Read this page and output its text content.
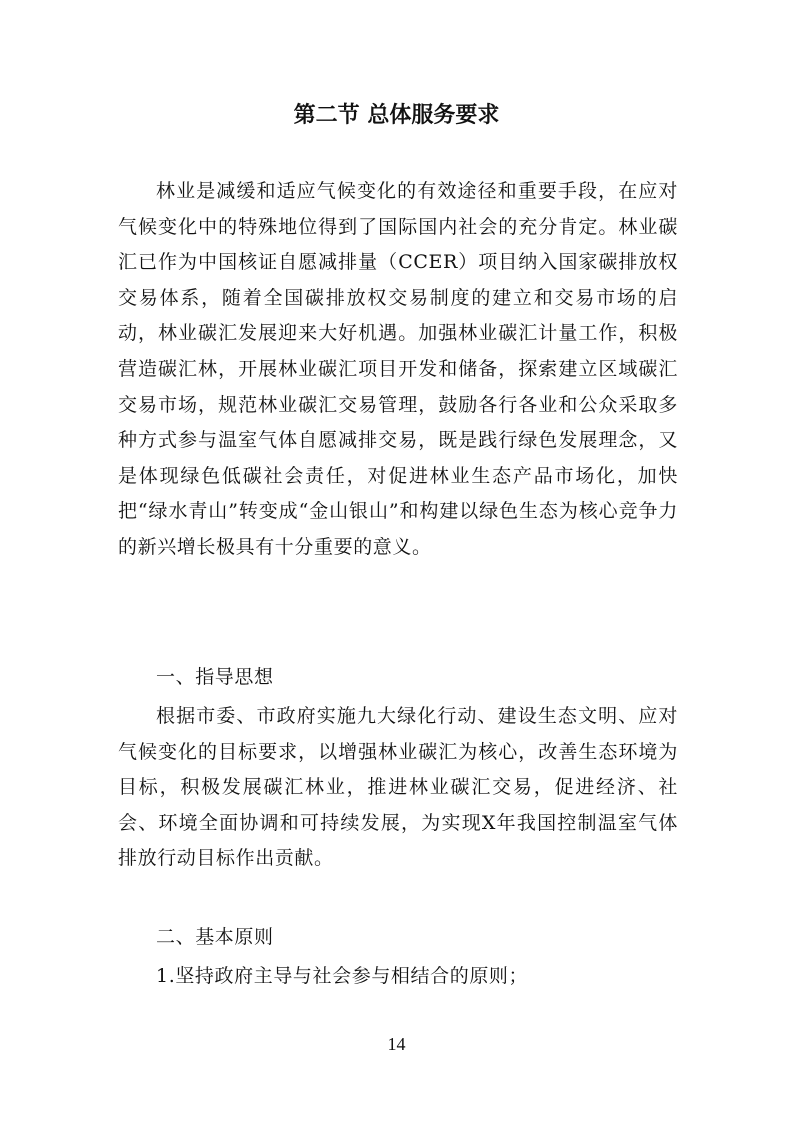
第二节 总体服务要求

林业是减缓和适应气候变化的有效途径和重要手段，在应对气候变化中的特殊地位得到了国际国内社会的充分肯定。林业碳汇已作为中国核证自愿减排量（CCER）项目纳入国家碳排放权交易体系，随着全国碳排放权交易制度的建立和交易市场的启动，林业碳汇发展迎来大好机遇。加强林业碳汇计量工作，积极营造碳汇林，开展林业碳汇项目开发和储备，探索建立区域碳汇交易市场，规范林业碳汇交易管理，鼓励各行各业和公众采取多种方式参与温室气体自愿减排交易，既是践行绿色发展理念，又是体现绿色低碳社会责任，对促进林业生态产品市场化，加快把“绿水青山”转变成“金山银山”和构建以绿色生态为核心竞争力的新兴增长极具有十分重要的意义。

一、指导思想

根据市委、市政府实施九大绿化行动、建设生态文明、应对气候变化的目标要求，以增强林业碳汇为核心，改善生态环境为目标，积极发展碳汇林业，推进林业碳汇交易，促进经济、社会、环境全面协调和可持续发展，为实现X年我国控制温室气体排放行动目标作出贡献。

二、基本原则

1.坚持政府主导与社会参与相结合的原则；

14
